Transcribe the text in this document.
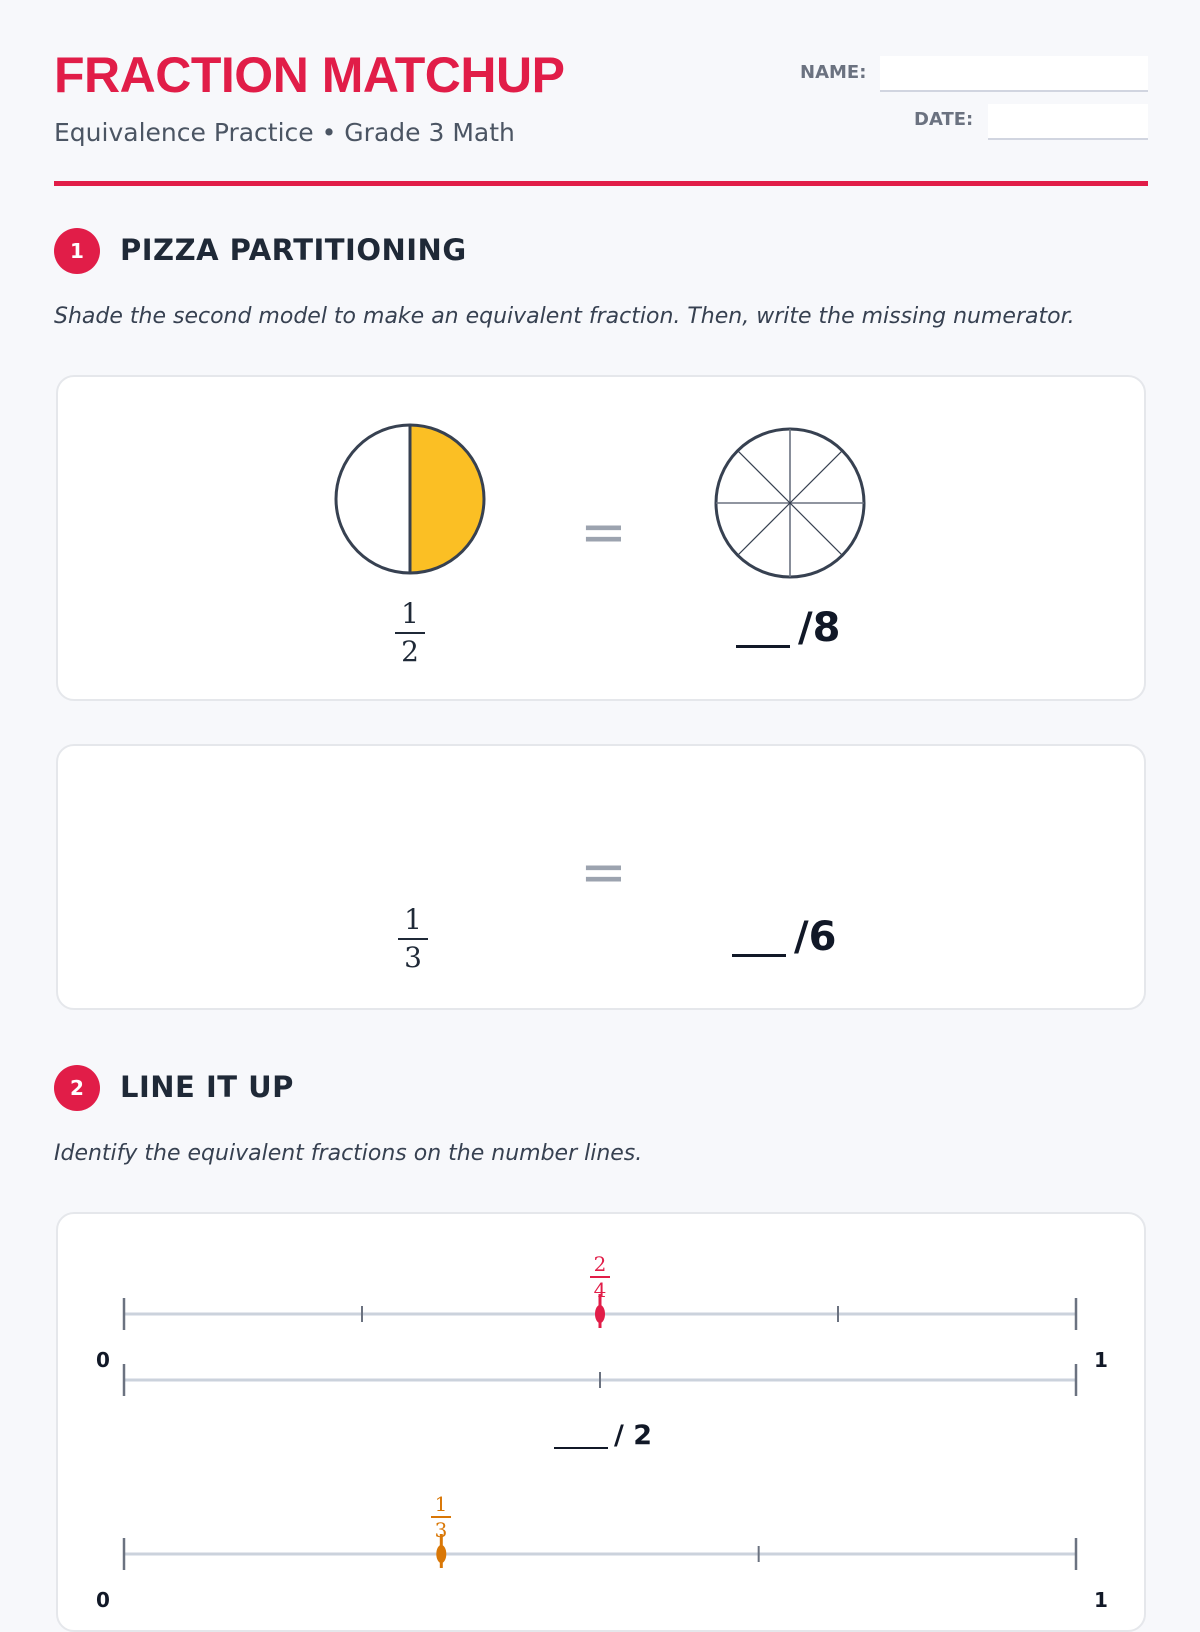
FRACTION MATCHUP
Equivalence Practice • Grade 3 Math
NAME:
DATE:
1	PIZZA PARTITIONING
Shade the second model to make an equivalent fraction. Then, write the missing numerator.
=
1
2
/8
=
1
3	/6
2	LINE IT UP
Identify the equivalent fractions on the number lines.
2
4
0	1
/ 2
1
3
0	1
